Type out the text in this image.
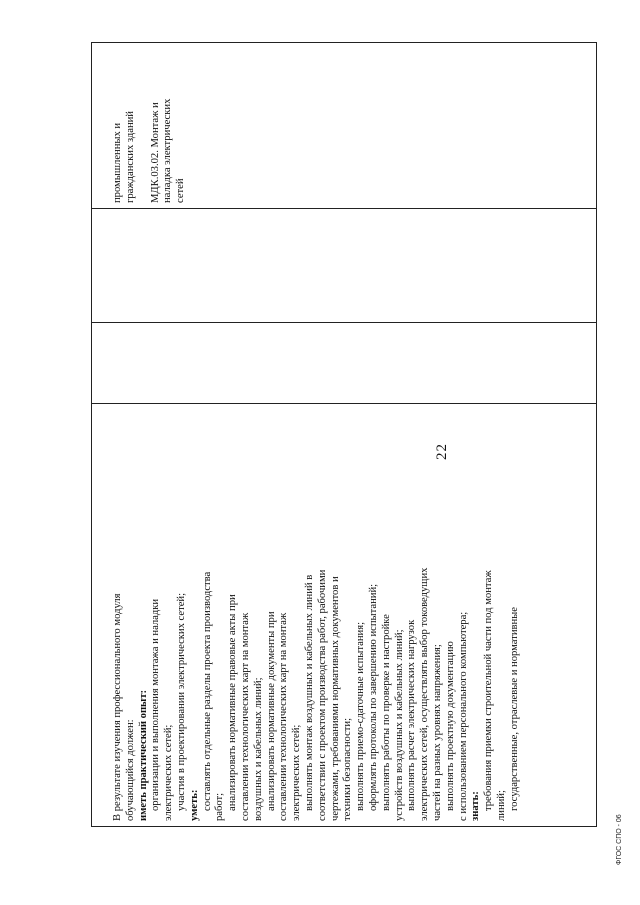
22
ФГОС СПО - 06
В результате изучения профессионального модуля обучающийся должен: иметь практический опыт: организации и выполнения монтажа и наладки электрических сетей; участия в проектировании электрических сетей; уметь: составлять отдельные разделы проекта производства работ; анализировать нормативные правовые акты при составлении технологических карт на монтаж воздушных и кабельных линий; анализировать нормативные документы при составлении технологических карт на монтаж электрических сетей; выполнять монтаж воздушных и кабельных линий в соответствии с проектом производства работ, рабочими чертежами, требованиями нормативных документов и техники безопасности; выполнять приемо-сдаточные испытания; оформлять протоколы по завершению испытаний; выполнять работы по проверке и настройке устройств воздушных и кабельных линий; выполнять расчет электрических нагрузок электрических сетей, осуществлять выбор токоведущих частей на разных уровнях напряжения; выполнять проектную документацию с использованием персонального компьютера; знать: требования приемки строительной части под монтаж линий; государственные, отраслевые и нормативные
промышленных и гражданских зданий МДК.03.02. Монтаж и наладка электрических сетей
